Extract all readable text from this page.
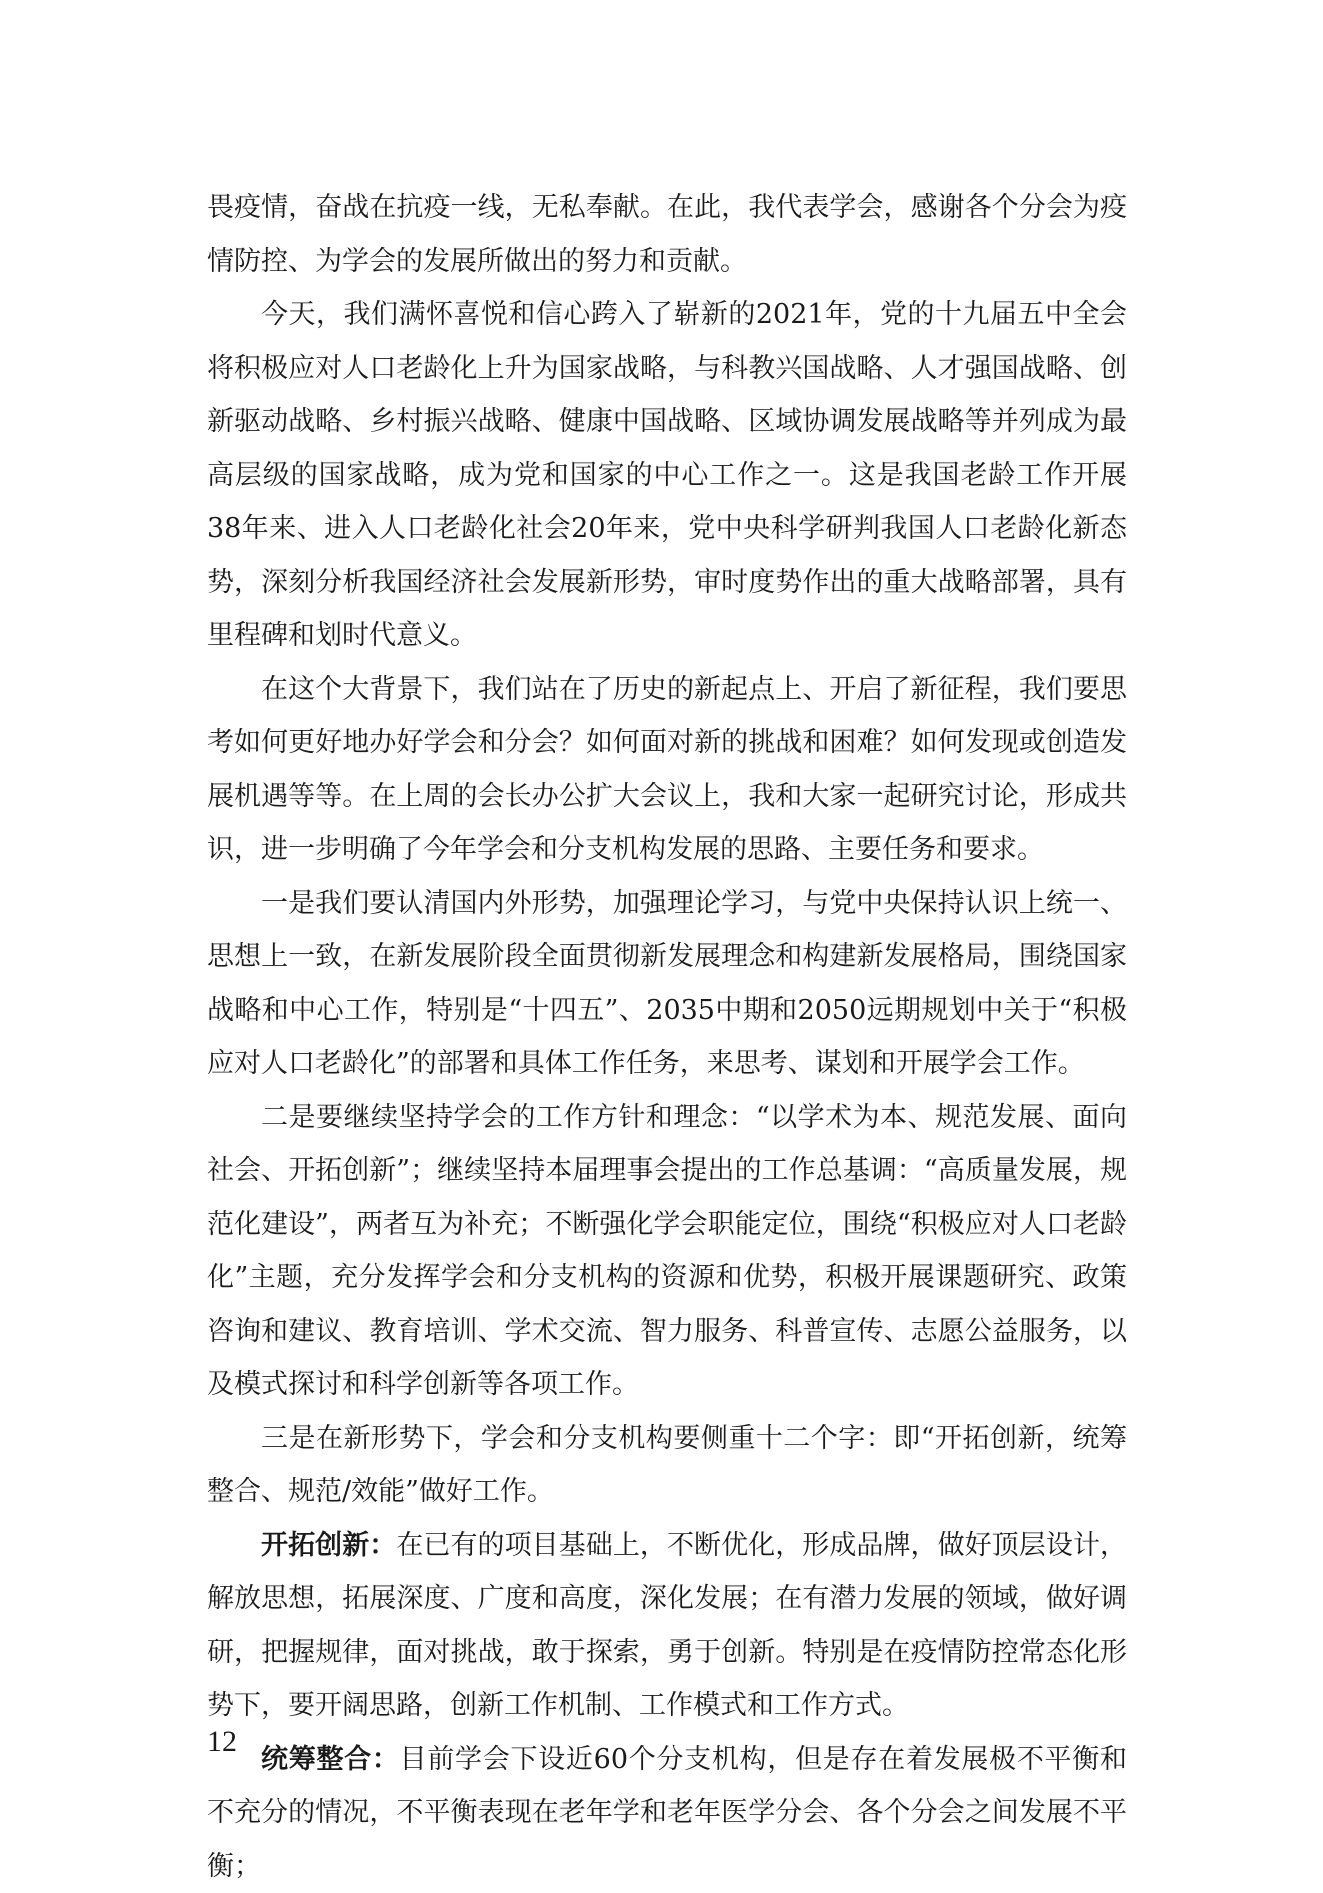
畏疫情，奋战在抗疫一线，无私奉献。在此，我代表学会，感谢各个分会为疫情防控、为学会的发展所做出的努力和贡献。

今天，我们满怀喜悦和信心跨入了崭新的2021年，党的十九届五中全会将积极应对人口老龄化上升为国家战略，与科教兴国战略、人才强国战略、创新驱动战略、乡村振兴战略、健康中国战略、区域协调发展战略等并列成为最高层级的国家战略，成为党和国家的中心工作之一。这是我国老龄工作开展38年来、进入人口老龄化社会20年来，党中央科学研判我国人口老龄化新态势，深刻分析我国经济社会发展新形势，审时度势作出的重大战略部署，具有里程碑和划时代意义。

在这个大背景下，我们站在了历史的新起点上、开启了新征程，我们要思考如何更好地办好学会和分会？如何面对新的挑战和困难？如何发现或创造发展机遇等等。在上周的会长办公扩大会议上，我和大家一起研究讨论，形成共识，进一步明确了今年学会和分支机构发展的思路、主要任务和要求。

一是我们要认清国内外形势，加强理论学习，与党中央保持认识上统一、思想上一致，在新发展阶段全面贯彻新发展理念和构建新发展格局，围绕国家战略和中心工作，特别是“十四五”、2035中期和2050远期规划中关于“积极应对人口老龄化”的部署和具体工作任务，来思考、谋划和开展学会工作。

二是要继续坚持学会的工作方针和理念：“以学术为本、规范发展、面向社会、开拓创新”；继续坚持本届理事会提出的工作总基调：“高质量发展，规范化建设”，两者互为补充；不断强化学会职能定位，围绕“积极应对人口老龄化”主题，充分发挥学会和分支机构的资源和优势，积极开展课题研究、政策咨询和建议、教育培训、学术交流、智力服务、科普宣传、志愿公益服务，以及模式探讨和科学创新等各项工作。

三是在新形势下，学会和分支机构要侧重十二个字：即“开拓创新，统筹整合、规范/效能”做好工作。

开拓创新：在已有的项目基础上，不断优化，形成品牌，做好顶层设计，解放思想，拓展深度、广度和高度，深化发展；在有潜力发展的领域，做好调研，把握规律，面对挑战，敢于探索，勇于创新。特别是在疫情防控常态化形势下，要开阔思路，创新工作机制、工作模式和工作方式。

统筹整合：目前学会下设近60个分支机构，但是存在着发展极不平衡和不充分的情况，不平衡表现在老年学和老年医学分会、各个分会之间发展不平衡；

12
